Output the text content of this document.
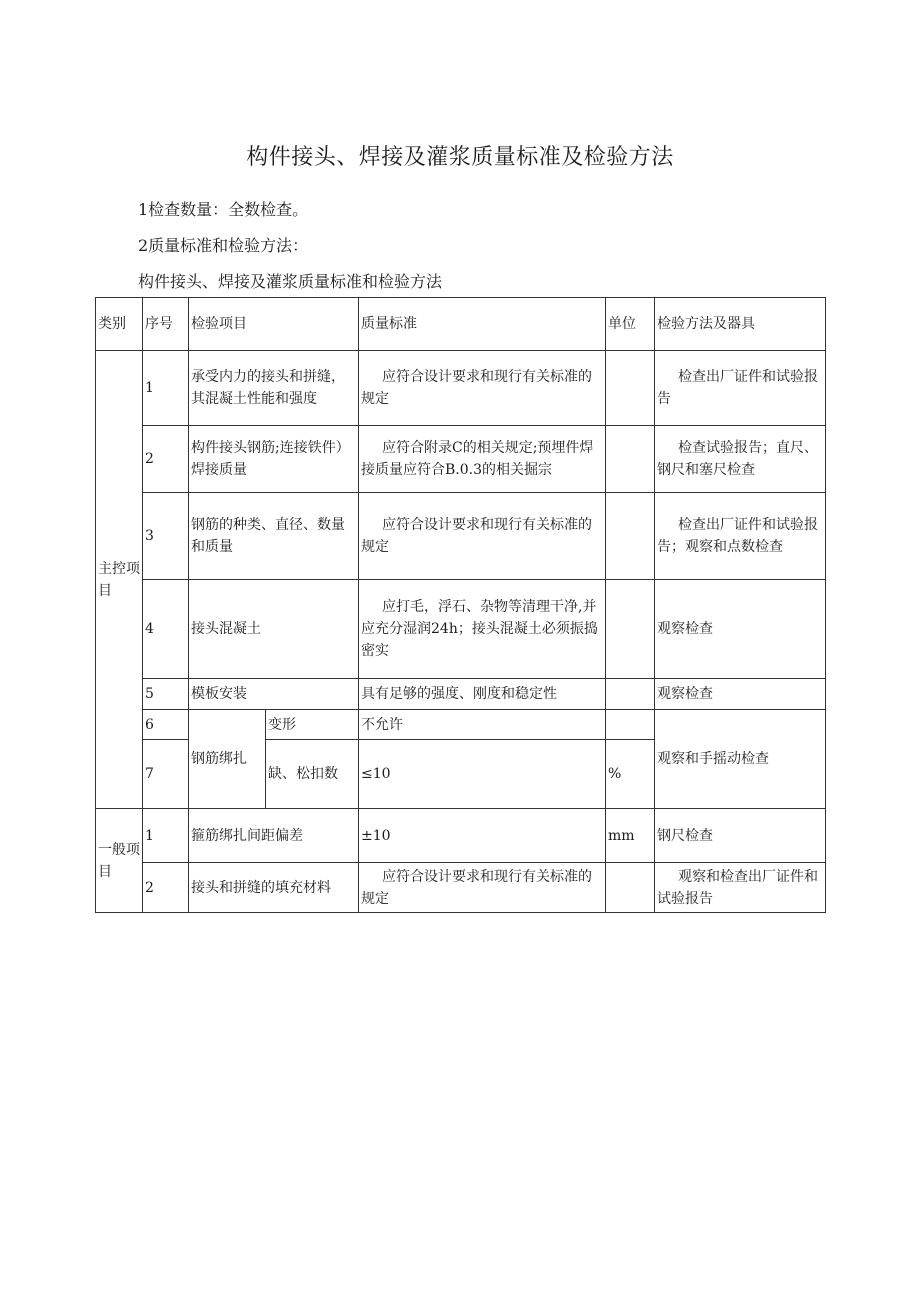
构件接头、焊接及灌浆质量标准及检验方法
1检查数量：全数检查。
2质量标准和检验方法：
构件接头、焊接及灌浆质量标准和检验方法
类别	序号	检验项目		质量标准	单位	检验方法及器具
主控项目	1	承受内力的接头和拼缝，其混凝土性能和强度		应符合设计要求和现行有关标准的规定		检查出厂证件和试验报告
	2	构件接头钢筋;连接铁件）焊接质量		应符合附录C的相关规定;预埋件焊接质量应符合B.0.3的相关掘宗		检查试验报告；直尺、钢尺和塞尺检查
	3	钢筋的种类、直径、数量和质量		应符合设计要求和现行有关标准的规定		检查出厂证件和试验报告；观察和点数检查
	4	接头混凝土		应打毛，浮石、杂物等清理干净,并应充分湿润24h；接头混凝土必须振捣密实		观察检查
	5	模板安装		具有足够的强度、刚度和稳定性		观察检查
	6	钢筋绑扎	变形	不允许		观察和手摇动检查
	7		缺、松扣数	≤10	%	
一般项目	1	箍筋绑扎间距偏差		±10	mm	钢尺检查
	2	接头和拼缝的填充材料		应符合设计要求和现行有关标准的规定		观察和检查出厂证件和试验报告
